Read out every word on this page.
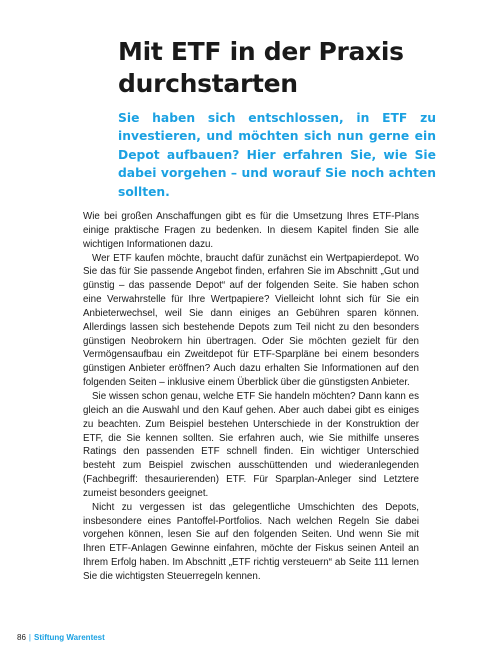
Mit ETF in der Praxis durchstarten

Sie haben sich entschlossen, in ETF zu investieren, und möchten sich nun gerne ein Depot aufbauen? Hier erfahren Sie, wie Sie dabei vorgehen – und worauf Sie noch achten sollten.

Wie bei großen Anschaffungen gibt es für die Umsetzung Ihres ETF-Plans einige praktische Fragen zu bedenken. In diesem Kapitel finden Sie alle wichtigen Informationen dazu.

Wer ETF kaufen möchte, braucht dafür zunächst ein Wertpapierdepot. Wo Sie das für Sie passende Angebot finden, erfahren Sie im Abschnitt „Gut und günstig – das passende Depot“ auf der folgenden Seite. Sie haben schon eine Verwahrstelle für Ihre Wertpapiere? Vielleicht lohnt sich für Sie ein Anbieterwechsel, weil Sie dann einiges an Gebühren sparen können. Allerdings lassen sich bestehende Depots zum Teil nicht zu den besonders günstigen Neobrokern hin übertragen. Oder Sie möchten gezielt für den Vermögensaufbau ein Zweitdepot für ETF-Sparpläne bei einem besonders günstigen Anbieter eröffnen? Auch dazu erhalten Sie Informationen auf den folgenden Seiten – inklusive einem Überblick über die günstigsten Anbieter.

Sie wissen schon genau, welche ETF Sie handeln möchten? Dann kann es gleich an die Auswahl und den Kauf gehen. Aber auch dabei gibt es einiges zu beachten. Zum Beispiel bestehen Unterschiede in der Konstruktion der ETF, die Sie kennen sollten. Sie erfahren auch, wie Sie mithilfe unseres Ratings den passenden ETF schnell finden. Ein wichtiger Unterschied besteht zum Beispiel zwischen ausschüttenden und wiederanlegenden (Fachbegriff: thesaurierenden) ETF. Für Sparplan-Anleger sind Letztere zumeist besonders geeignet.

Nicht zu vergessen ist das gelegentliche Umschichten des Depots, insbesondere eines Pantoffel-Portfolios. Nach welchen Regeln Sie dabei vorgehen können, lesen Sie auf den folgenden Seiten. Und wenn Sie mit Ihren ETF-Anlagen Gewinne einfahren, möchte der Fiskus seinen Anteil an Ihrem Erfolg haben. Im Abschnitt „ETF richtig versteuern“ ab Seite 111 lernen Sie die wichtigsten Steuerregeln kennen.

86 | Stiftung Warentest
